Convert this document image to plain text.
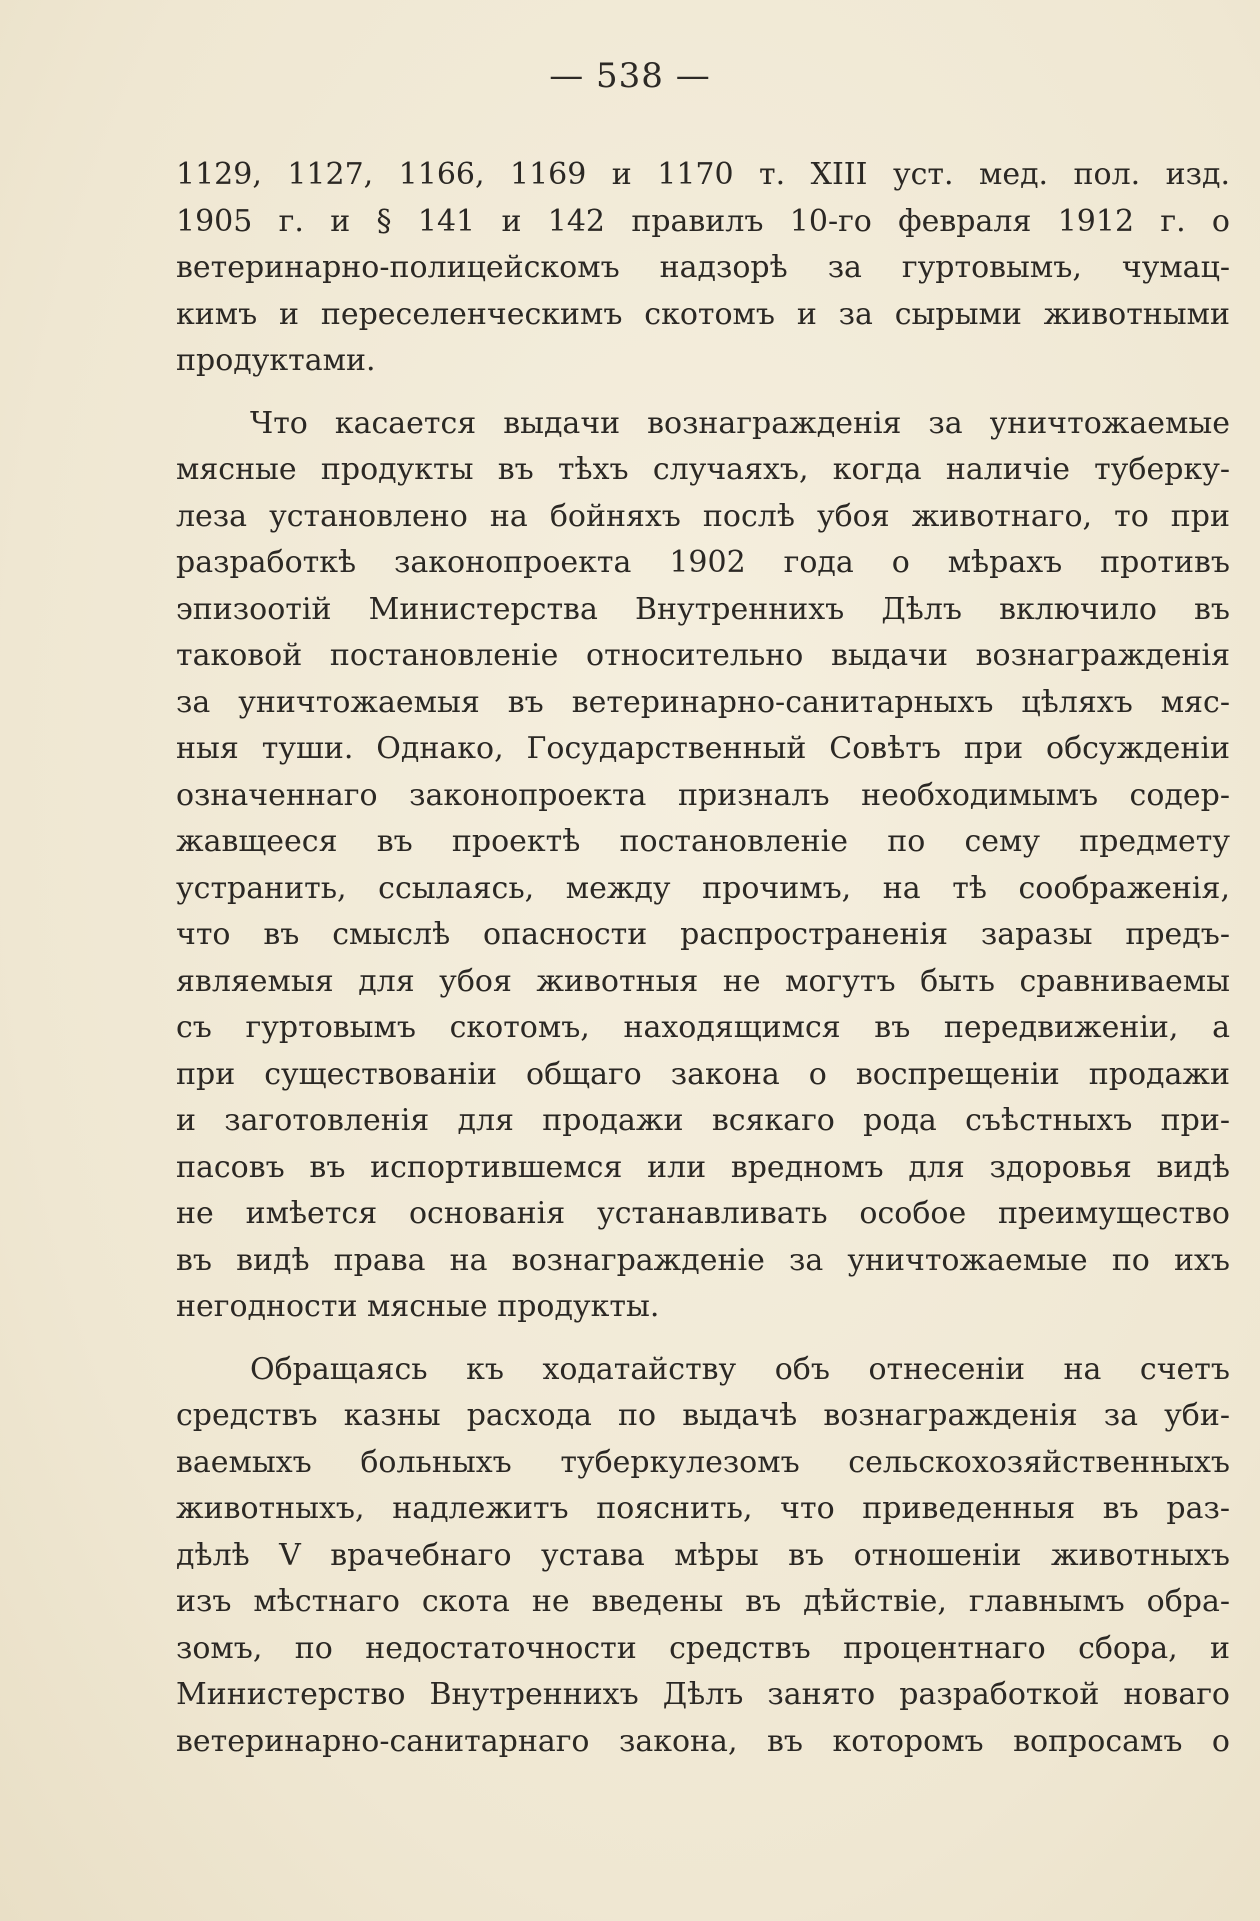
— 538 —

1129, 1127, 1166, 1169 и 1170 т. XIII уст. мед. пол. изд.
1905 г. и § 141 и 142 правилъ 10-го февраля 1912 г. о
ветеринарно-полицейскомъ надзорѣ за гуртовымъ, чумац-
кимъ и переселенческимъ скотомъ и за сырыми животными
продуктами.

Что касается выдачи вознагражденія за уничтожаемые
мясные продукты въ тѣхъ случаяхъ, когда наличіе туберку-
леза установлено на бойняхъ послѣ убоя животнаго, то при
разработкѣ законопроекта 1902 года о мѣрахъ противъ
эпизоотій Министерства Внутреннихъ Дѣлъ включило въ
таковой постановленіе относительно выдачи вознагражденія
за уничтожаемыя въ ветеринарно-санитарныхъ цѣляхъ мяс-
ныя туши. Однако, Государственный Совѣтъ при обсужденіи
означеннаго законопроекта призналъ необходимымъ содер-
жавщееся въ проектѣ постановленіе по сему предмету
устранить, ссылаясь, между прочимъ, на тѣ соображенія,
что въ смыслѣ опасности распространенія заразы предъ-
являемыя для убоя животныя не могутъ быть сравниваемы
съ гуртовымъ скотомъ, находящимся въ передвиженіи, а
при существованіи общаго закона о воспрещеніи продажи
и заготовленія для продажи всякаго рода съѣстныхъ при-
пасовъ въ испортившемся или вредномъ для здоровья видѣ
не имѣется основанія устанавливать особое преимущество
въ видѣ права на вознагражденіе за уничтожаемые по ихъ
негодности мясные продукты.

Обращаясь къ ходатайству объ отнесеніи на счетъ
средствъ казны расхода по выдачѣ вознагражденія за уби-
ваемыхъ больныхъ туберкулезомъ сельскохозяйственныхъ
животныхъ, надлежитъ пояснить, что приведенныя въ раз-
дѣлѣ V врачебнаго устава мѣры въ отношеніи животныхъ
изъ мѣстнаго скота не введены въ дѣйствіе, главнымъ обра-
зомъ, по недостаточности средствъ процентнаго сбора, и
Министерство Внутреннихъ Дѣлъ занято разработкой новаго
ветеринарно-санитарнаго закона, въ которомъ вопросамъ о
